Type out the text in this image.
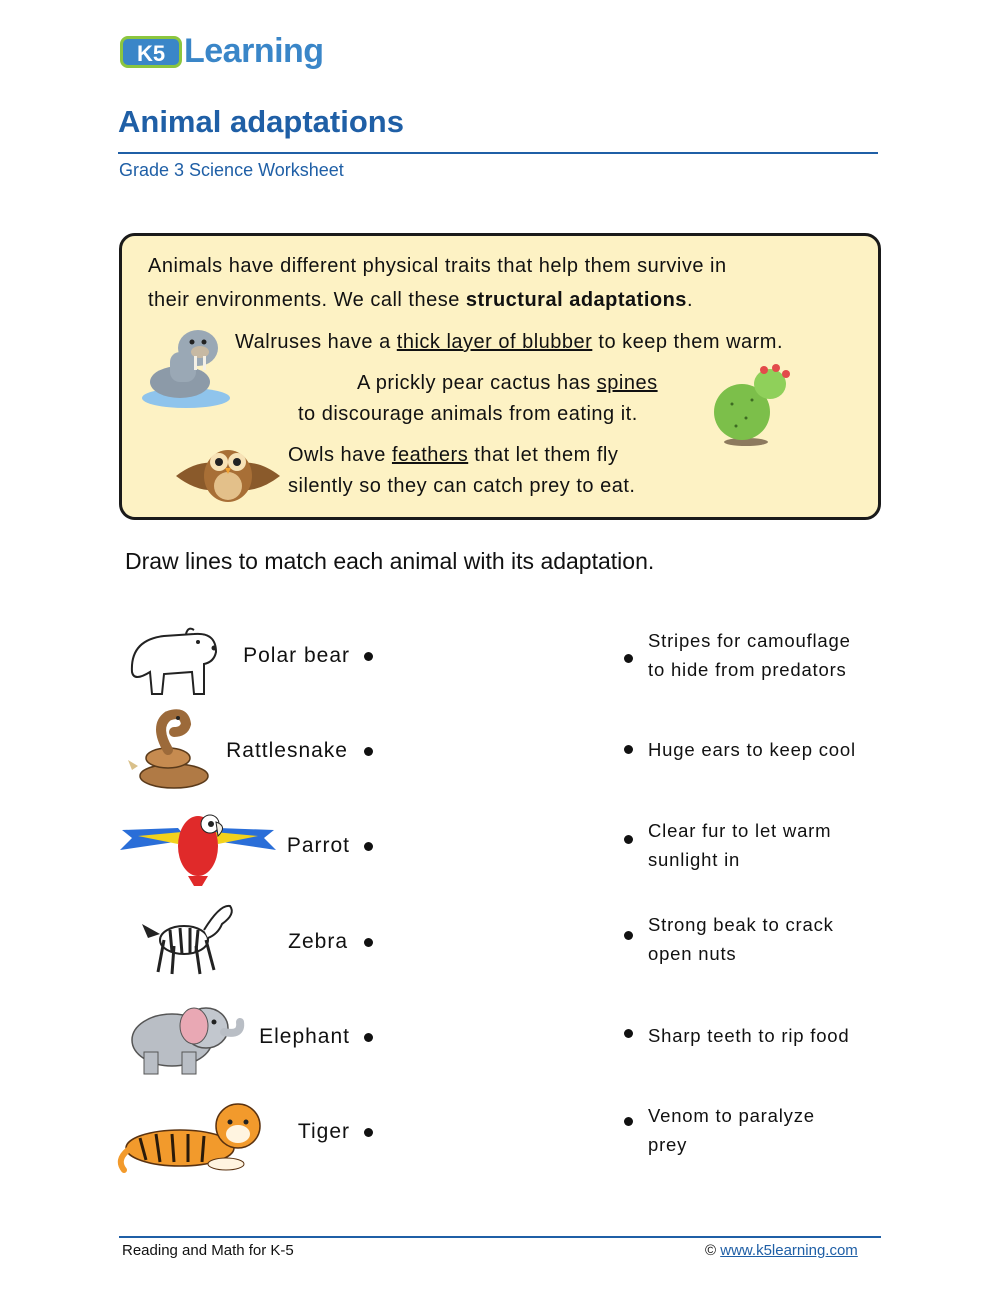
K5 Learning
Animal adaptations
Grade 3 Science Worksheet
Animals have different physical traits that help them survive in
their environments. We call these structural adaptations.
Walruses have a thick layer of blubber to keep them warm.
A prickly pear cactus has spines
to discourage animals from eating it.
Owls have feathers that let them fly
silently so they can catch prey to eat.
Draw lines to match each animal with its adaptation.
Polar bear
Rattlesnake
Parrot
Zebra
Elephant
Tiger
Stripes for camouflage
to hide from predators
Huge ears to keep cool
Clear fur to let warm
sunlight in
Strong beak to crack
open nuts
Sharp teeth to rip food
Venom to paralyze
prey
Reading and Math for K-5	© www.k5learning.com
